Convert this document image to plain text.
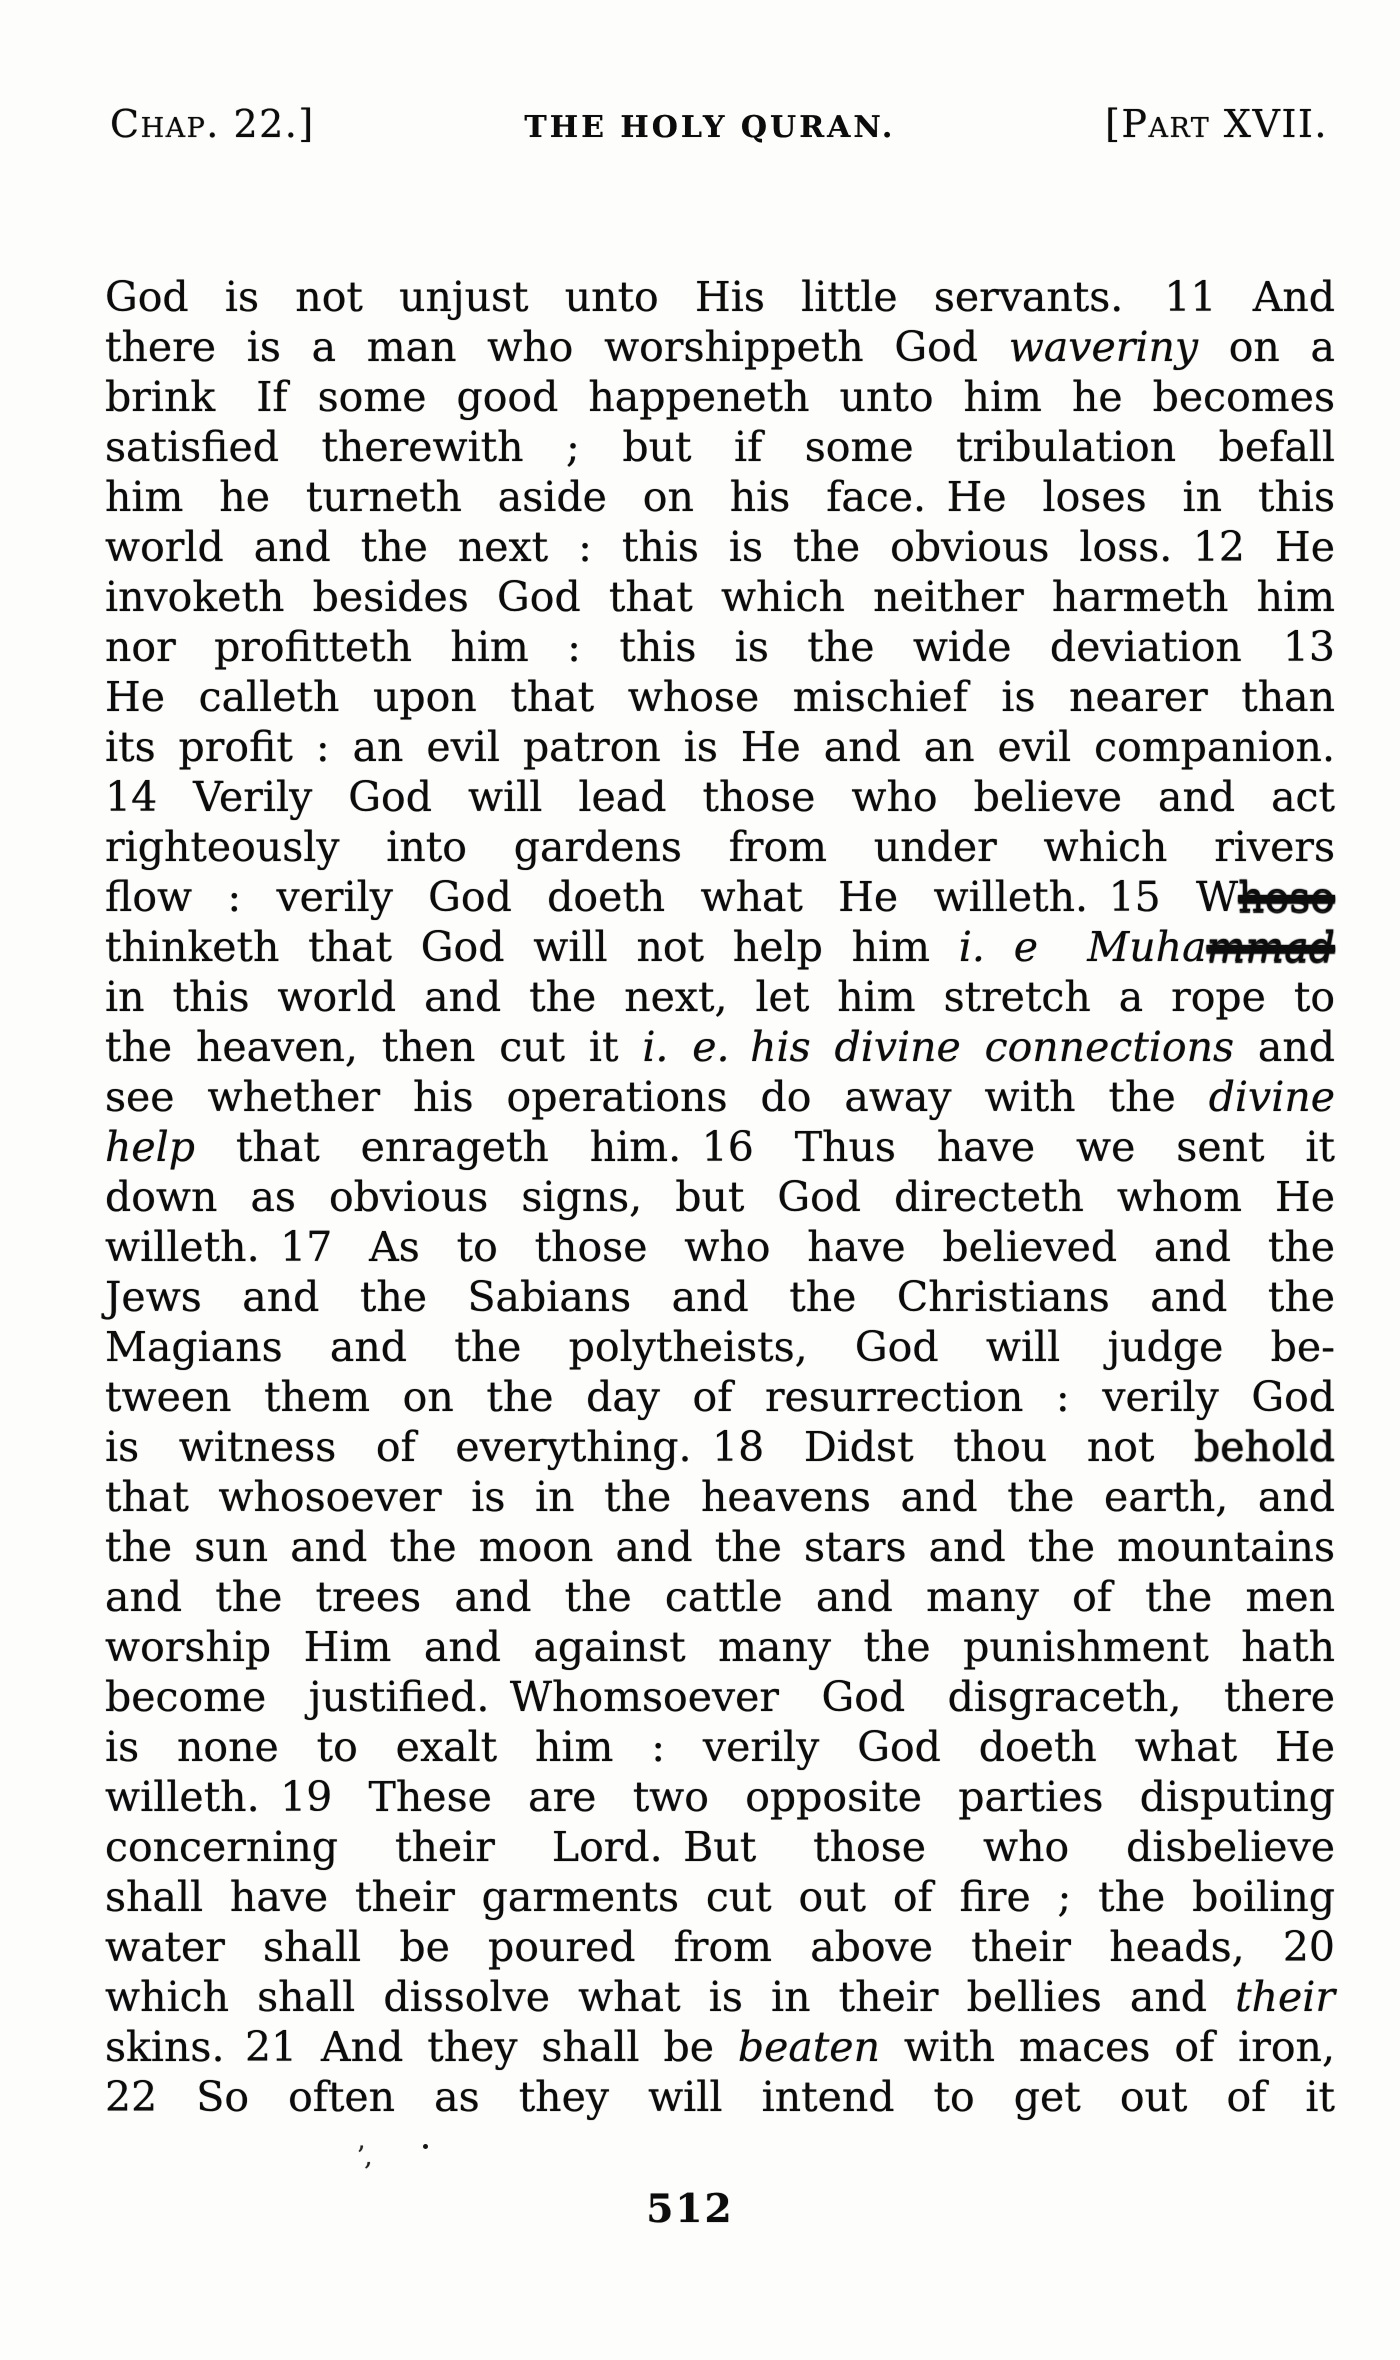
Chap. 22.]	THE HOLY QURAN.	[Part XVII.
God is not unjust unto His little servants.  11 And
there is a man who worshippeth God waveriny on a
brink  If some good happeneth unto him he becomes
satisfied therewith ; but if some tribulation befall
him he turneth aside on his face. He loses in this
world and the next : this is the obvious loss. 12 He
invoketh besides God that which neither harmeth him
nor profitteth him : this is the wide deviation  13
He calleth upon that whose mischief is nearer than
its profit : an evil patron is He and an evil companion.
14 Verily God will lead those who believe and act
righteously into gardens from under which rivers
flow : verily God doeth what He willeth. 15 Whoso
thinketh that God will not help him i. e  Muhammad
in this world and the next, let him stretch a rope to
the heaven, then cut it i. e.  his divine connections and
see whether his operations do away with the divine
help that enrageth him. 16 Thus have we sent it
down as obvious signs, but God directeth whom He
willeth. 17 As to those who have believed and the
Jews and the Sabians and the Christians and the
Magians and the polytheists, God will judge be-
tween them on the day of resurrection : verily God
is witness of everything. 18 Didst thou not behold
that whosoever is in the heavens and the earth, and
the sun and the moon and the stars and the mountains
and the trees and the cattle and many of the men
worship Him and against many the punishment hath
become justified. Whomsoever God disgraceth, there
is none to exalt him : verily God doeth what He
willeth. 19 These are two opposite parties disputing
concerning their Lord. But those who disbelieve
shall have their garments cut out of fire ; the boiling
water shall be poured from above their heads, 20
which shall dissolve what is in their bellies and their
skins. 21 And they shall be beaten with maces of iron,
22 So often as they will intend to get out of it
512
ʼ,
